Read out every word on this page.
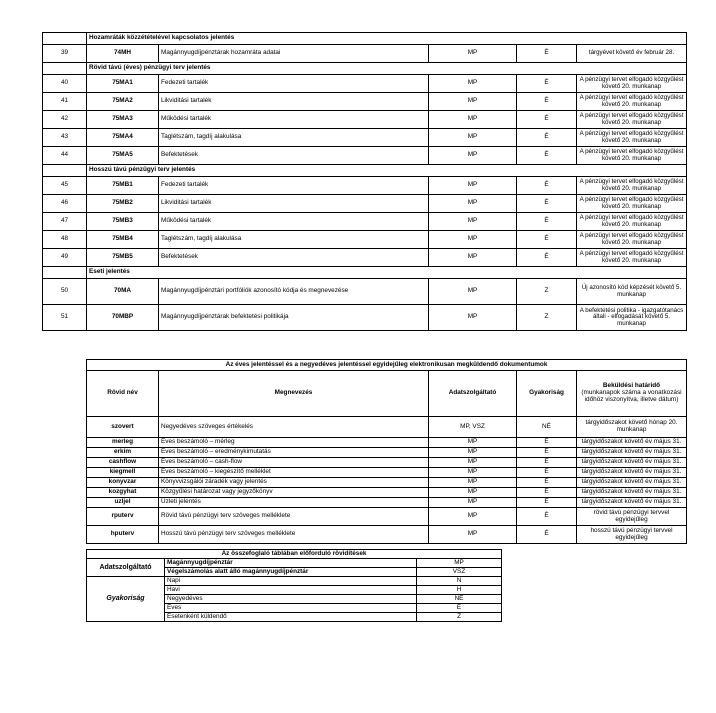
	Hozamráták közzétételével kapcsolatos jelentés				
39	74MH	Magánnyugdíjpénztárak hozamráta adatai	MP	É	tárgyévet követő év február 28.
	Rövid távú (éves) pénzügyi terv jelentés				
40	75MA1	Fedezeti tartalék	MP	É	A pénzügyi tervet elfogadó közgyűlést követő 20. munkanap
41	75MA2	Likviditási tartalék	MP	É	A pénzügyi tervet elfogadó közgyűlést követő 20. munkanap
42	75MA3	Működési tartalék	MP	É	A pénzügyi tervet elfogadó közgyűlést követő 20. munkanap
43	75MA4	Taglétszám, tagdíj alakulása	MP	É	A pénzügyi tervet elfogadó közgyűlést követő 20. munkanap
44	75MA5	Befektetések	MP	É	A pénzügyi tervet elfogadó közgyűlést követő 20. munkanap
	Hosszú távú pénzügyi terv jelentés				
45	75MB1	Fedezeti tartalék	MP	É	A pénzügyi tervet elfogadó közgyűlést követő 20. munkanap
46	75MB2	Likviditási tartalék	MP	É	A pénzügyi tervet elfogadó közgyűlést követő 20. munkanap
47	75MB3	Működési tartalék	MP	É	A pénzügyi tervet elfogadó közgyűlést követő 20. munkanap
48	75MB4	Taglétszám, tagdíj alakulása	MP	É	A pénzügyi tervet elfogadó közgyűlést követő 20. munkanap
49	75MB5	Befektetések	MP	É	A pénzügyi tervet elfogadó közgyűlést követő 20. munkanap
	Eseti jelentés				
50	70MA	Magánnyugdíjpénztári portfóliók azonosító kódja és megnevezése	MP	Z	Új azonosító kód képzését követő 5. munkanap
51	70MBP	Magánnyugdíjpénztárak befektetési politikája	MP	Z	A befektetési politika - igazgatótanács általi - elfogadását követő 5. munkanap
Az éves jelentéssel és a negyedéves jelentéssel egyidejűleg elektronikusan megküldendő dokumentumok				
Rövid név	Megnevezés	Adatszolgáltató	Gyakoriság	Beküldési határidő
(munkanapok száma a vonatkozási időhöz viszonyítva, illetve dátum)

szovert	Negyedéves szöveges értékelés	MP, VSZ	NÉ	tárgyidőszakot követő hónap 20. munkanap
merleg	Éves beszámoló – mérleg	MP	É	tárgyidőszakot követő év május 31.
erkim	Éves beszámoló – eredménykimutatás	MP	É	tárgyidőszakot követő év május 31.
cashflow	Éves beszámoló – cash-flow	MP	É	tárgyidőszakot követő év május 31.
kiegmell	Éves beszámoló – kiegészítő melléklet	MP	É	tárgyidőszakot követő év május 31.
konyvzar	Könyvvizsgálói záradék vagy jelentés	MP	É	tárgyidőszakot követő év május 31.
kozgyhat	Közgyűlési határozat vagy jegyzőkönyv	MP	É	tárgyidőszakot követő év május 31.
uzljel	Üzleti jelentés	MP	É	tárgyidőszakot követő év május 31.
rputerv	Rövid távú pénzügyi terv szöveges melléklete	MP	É	rövid távú pénzügyi tervvel egyidejűleg
hputerv	Hosszú távú pénzügyi terv szöveges melléklete	MP	É	hosszú távú pénzügyi tervvel egyidejűleg
Az összefoglaló táblában előforduló rövidítések		
Adatszolgáltató	Magánnyugdíjpénztár	MP
	Végelszámolás alatt álló magánnyugdíjpénztár	VSZ
Gyakoriság	Napi	N
	Havi	H
	Negyedéves	NÉ
	Éves	É
	Esetenként küldendő	Z
